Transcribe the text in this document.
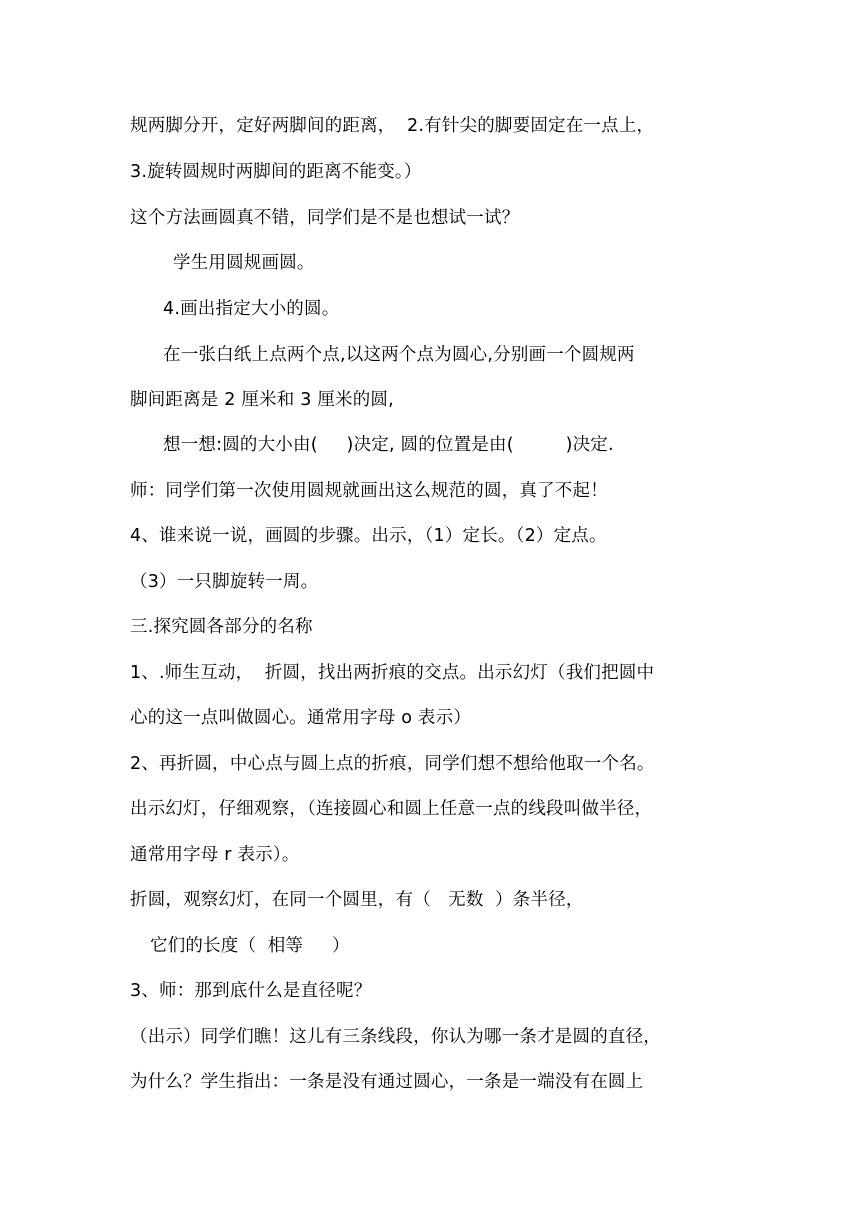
规两脚分开，定好两脚间的距离，  2.有针尖的脚要固定在一点上，
3.旋转圆规时两脚间的距离不能变。）
这个方法画圆真不错，同学们是不是也想试一试？
学生用圆规画圆。
4.画出指定大小的圆。
在一张白纸上点两个点,以这两个点为圆心,分别画一个圆规两
脚间距离是 2 厘米和 3 厘米的圆,
想一想:圆的大小由(     )决定, 圆的位置是由(         )决定.
师：同学们第一次使用圆规就画出这么规范的圆，真了不起！
4、谁来说一说，画圆的步骤。出示，（1）定长。（2）定点。
（3）一只脚旋转一周。
三.探究圆各部分的名称
1、.师生互动，  折圆，找出两折痕的交点。出示幻灯（我们把圆中
心的这一点叫做圆心。通常用字母 o 表示）
2、再折圆，中心点与圆上点的折痕，同学们想不想给他取一个名。
出示幻灯，仔细观察，（连接圆心和圆上任意一点的线段叫做半径，
通常用字母 r 表示）。
折圆，观察幻灯，在同一个圆里，有（   无数  ）条半径，
它们的长度（  相等     ）
3、师：那到底什么是直径呢？
（出示）同学们瞧！这儿有三条线段，你认为哪一条才是圆的直径，
为什么？学生指出：一条是没有通过圆心，一条是一端没有在圆上
